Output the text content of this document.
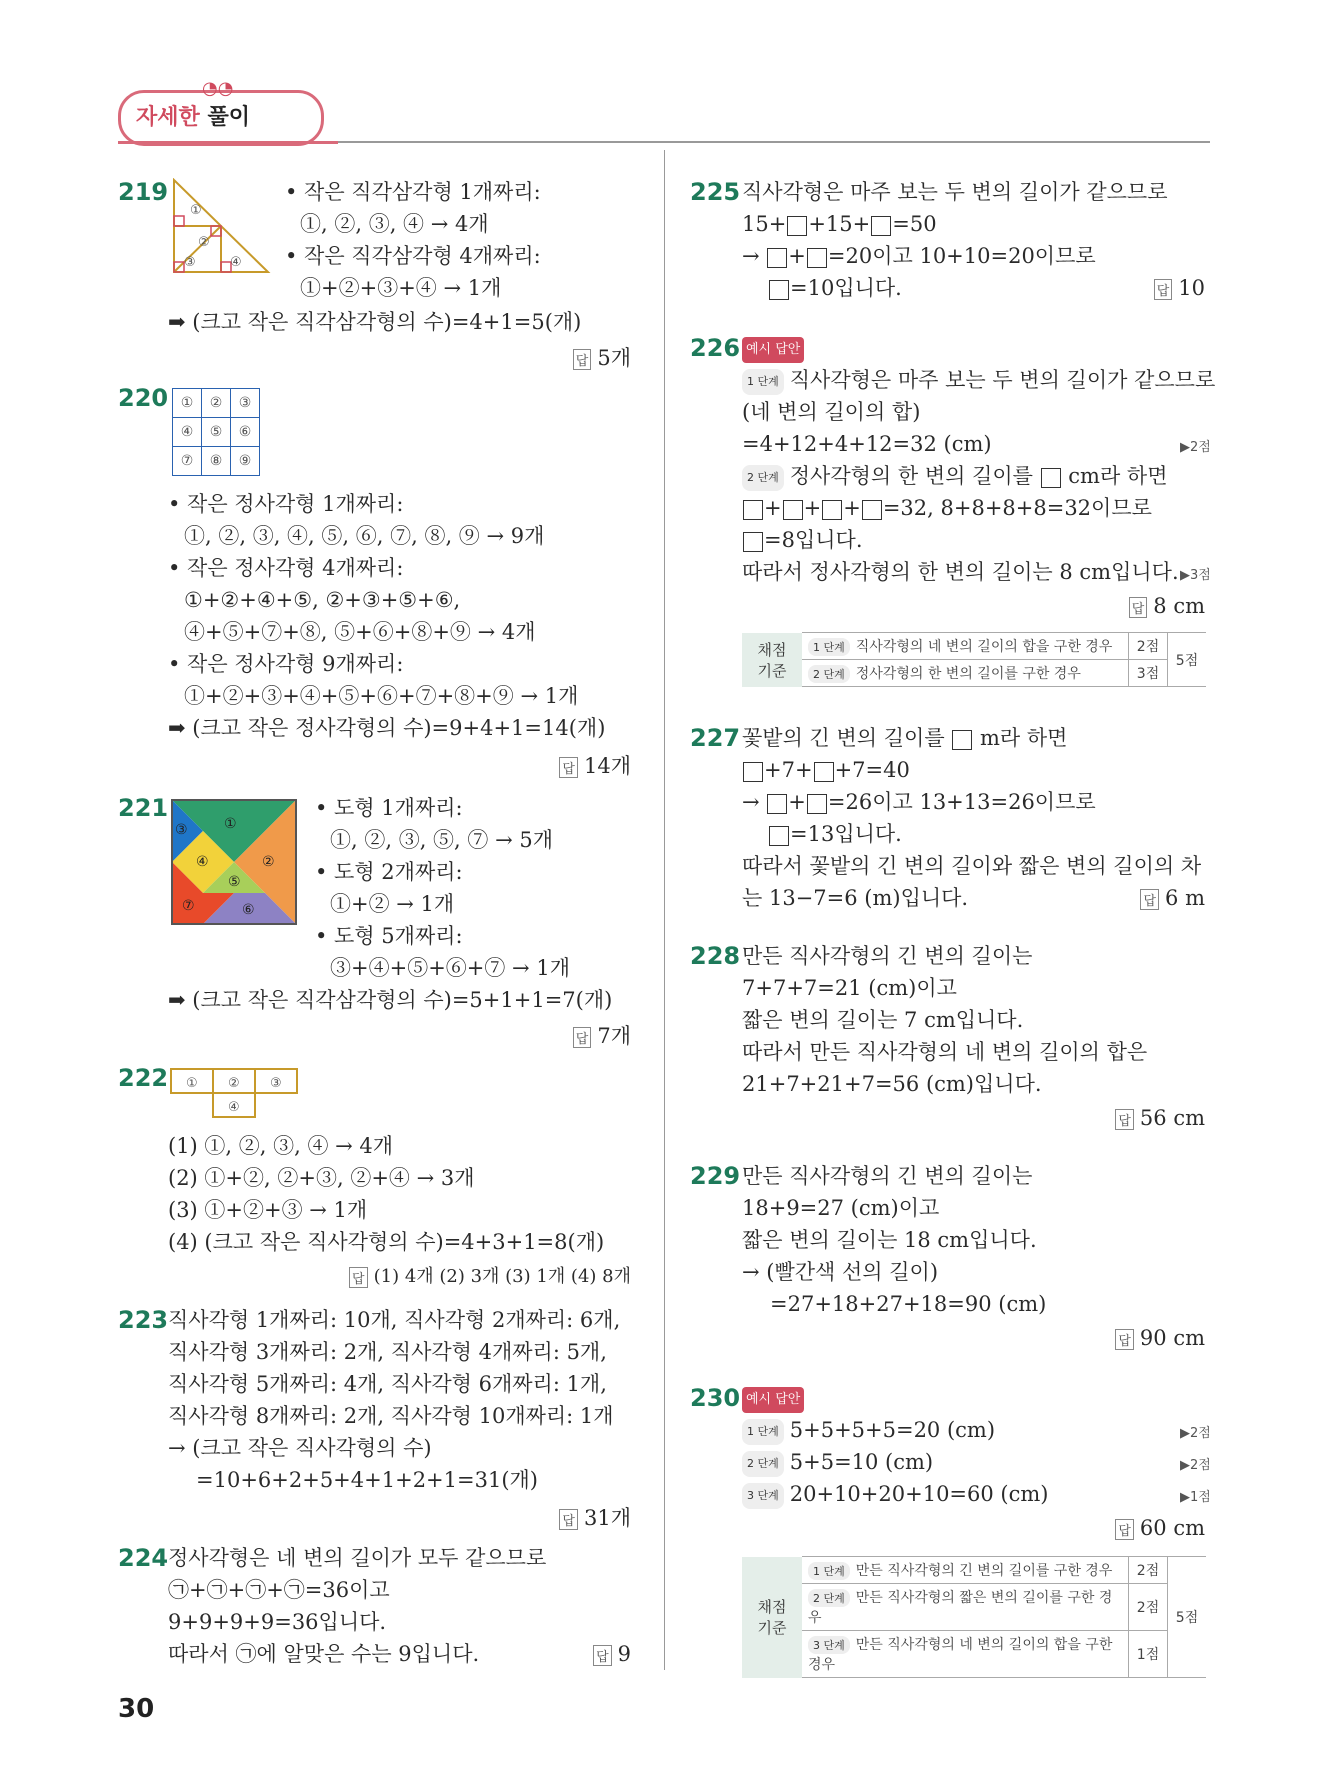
◔◔
자세한 풀이
219
①
②
③	④
• 작은 직각삼각형 1개짜리:
①, ②, ③, ④ → 4개
• 작은 직각삼각형 4개짜리:
①+②+③+④ → 1개
➡ (크고 작은 직각삼각형의 수)=4+1=5(개)
답 5개
220 ①	②	③
④	⑤	⑥
⑦	⑧	⑨
• 작은 정사각형 1개짜리:
①, ②, ③, ④, ⑤, ⑥, ⑦, ⑧, ⑨ → 9개
• 작은 정사각형 4개짜리:
①+②+④+⑤, ②+③+⑤+⑥,
④+⑤+⑦+⑧, ⑤+⑥+⑧+⑨ → 4개
• 작은 정사각형 9개짜리:
①+②+③+④+⑤+⑥+⑦+⑧+⑨ → 1개
➡ (크고 작은 정사각형의 수)=9+4+1=14(개)
답 14개
221
①
②
③
④
⑤
⑥
⑦
• 도형 1개짜리:
①, ②, ③, ⑤, ⑦ → 5개
• 도형 2개짜리:
①+② → 1개
• 도형 5개짜리:
③+④+⑤+⑥+⑦ → 1개
➡ (크고 작은 직각삼각형의 수)=5+1+1=7(개)
답 7개
222 ① ② ③
④
(1) ①, ②, ③, ④ → 4개
(2) ①+②, ②+③, ②+④ → 3개
(3) ①+②+③ → 1개
(4) (크고 작은 직사각형의 수)=4+3+1=8(개)
답 (1) 4개 (2) 3개 (3) 1개 (4) 8개
223 직사각형 1개짜리: 10개, 직사각형 2개짜리: 6개,
직사각형 3개짜리: 2개, 직사각형 4개짜리: 5개,
직사각형 5개짜리: 4개, 직사각형 6개짜리: 1개,
직사각형 8개짜리: 2개, 직사각형 10개짜리: 1개
→ (크고 작은 직사각형의 수)
=10+6+2+5+4+1+2+1=31(개)
답 31개
224 정사각형은 네 변의 길이가 모두 같으므로
㉠+㉠+㉠+㉠=36이고
9+9+9+9=36입니다.
따라서 ㉠에 알맞은 수는 9입니다.	답 9
225 직사각형은 마주 보는 두 변의 길이가 같으므로
15+ +15+ =50
→ + =20이고 10+10=20이므로
=10입니다.	답 10
226 예시 답안
1 단계 직사각형은 마주 보는 두 변의 길이가 같으므로
(네 변의 길이의 합)
=4+12+4+12=32 (cm)	▶2점
2 단계 정사각형의 한 변의 길이를 cm라 하면
+ + + =32, 8+8+8+8=32이므로
=8입니다.
따라서 정사각형의 한 변의 길이는 8 cm입니다. ▶3점
답 8 cm
채점 기준	1 단계 직사각형의 네 변의 길이의 합을 구한 경우	2점	5점
	2 단계 정사각형의 한 변의 길이를 구한 경우	3점	
227 꽃밭의 긴 변의 길이를 m라 하면
+7+ +7=40
→ + =26이고 13+13=26이므로
=13입니다.
따라서 꽃밭의 긴 변의 길이와 짧은 변의 길이의 차
는 13−7=6 (m)입니다.	답 6 m
228 만든 직사각형의 긴 변의 길이는
7+7+7=21 (cm)이고
짧은 변의 길이는 7 cm입니다.
따라서 만든 직사각형의 네 변의 길이의 합은
21+7+21+7=56 (cm)입니다.
답 56 cm
229 만든 직사각형의 긴 변의 길이는
18+9=27 (cm)이고
짧은 변의 길이는 18 cm입니다.
→ (빨간색 선의 길이)
=27+18+27+18=90 (cm)
답 90 cm
230 예시 답안
1 단계 5+5+5+5=20 (cm)	▶2점
2 단계 5+5=10 (cm)	▶2점
3 단계 20+10+20+10=60 (cm)	▶1점
답 60 cm
채점 기준	1 단계 만든 직사각형의 긴 변의 길이를 구한 경우	2점	5점
	2 단계 만든 직사각형의 짧은 변의 길이를 구한 경우	2점	
	3 단계 만든 직사각형의 네 변의 길이의 합을 구한 경우	1점	
30
